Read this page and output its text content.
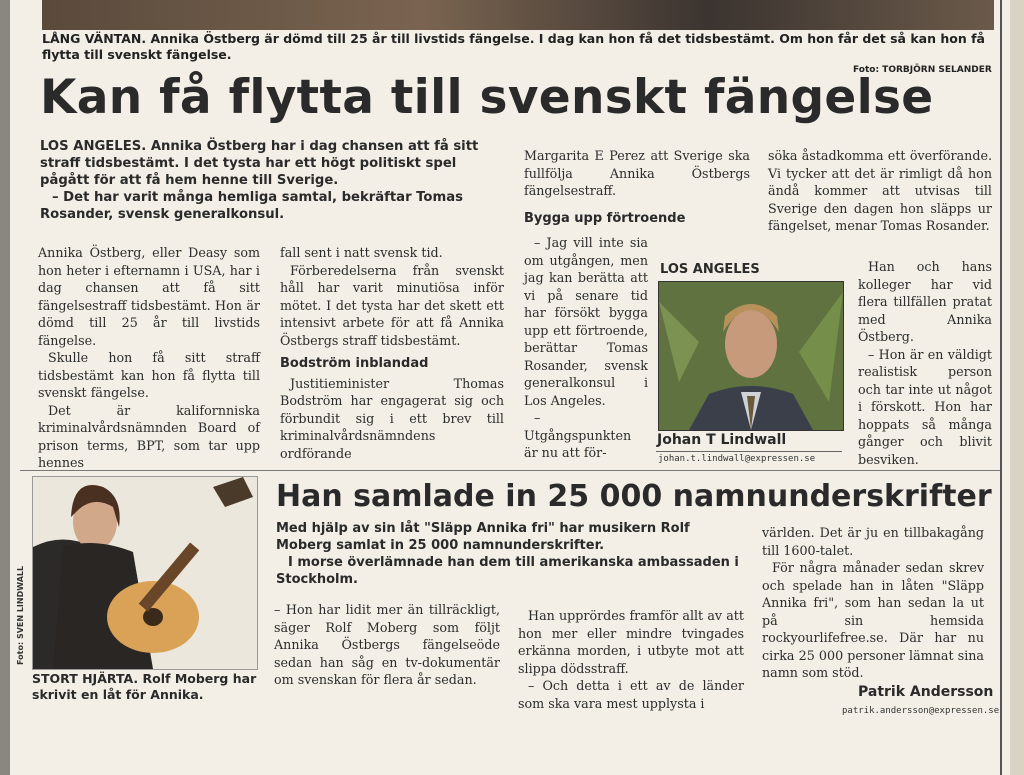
LÅNG VÄNTAN. Annika Östberg är dömd till 25 år till livstids fängelse. I dag kan hon få det tidsbestämt. Om hon får det så kan hon få flytta till svenskt fängelse.
Foto: TORBJÖRN SELANDER
Kan få flytta till svenskt fängelse
LOS ANGELES. Annika Östberg har i dag chansen att få sitt straff tidsbestämt. I det tysta har ett högt politiskt spel pågått för att få hem henne till Sverige.
– Det har varit många hemliga samtal, bekräftar Tomas Rosander, svensk generalkonsul.

Annika Östberg, eller Deasy som hon heter i efternamn i USA, har i dag chansen att få sitt fängelsestraff tidsbestämt. Hon är dömd till 25 år till livstids fängelse.

Skulle hon få sitt straff tidsbestämt kan hon få flytta till svenskt fängelse.

Det är kalifornniska kriminalvårdsnämnden Board of prison terms, BPT, som tar upp hennes

fall sent i natt svensk tid.

Förberedelserna från svenskt håll har varit minutiösa inför mötet. I det tysta har det skett ett intensivt arbete för att få Annika Östbergs straff tidsbestämt.

Bodström inblandad

Justitieminister Thomas Bodström har engagerat sig och förbundit sig i ett brev till kriminalvårdsnämndens ordförande

Margarita E Perez att Sverige ska fullfölja Annika Östbergs fängelsestraff.

Bygga upp förtroende

– Jag vill inte sia om utgången, men jag kan berätta att vi på senare tid har försökt bygga upp ett förtroende, berättar Tomas Rosander, svensk generalkonsul i Los Angeles.

– Utgångspunkten är nu att för-

söka åstadkomma ett överförande. Vi tycker att det är rimligt då hon ändå kommer att utvisas till Sverige den dagen hon släpps ur fängelset, menar Tomas Rosander.

Han och hans kolleger har vid flera tillfällen pratat med Annika Östberg.

– Hon är en väldigt realistisk person och tar inte ut något i förskott. Hon har hoppats så många gånger och blivit besviken.

LOS ANGELES
Johan T Lindwall
johan.t.lindwall@expressen.se
Foto: SVEN LINDWALL
STORT HJÄRTA. Rolf Moberg har skrivit en låt för Annika.
Han samlade in 25 000 namnunderskrifter
Med hjälp av sin låt "Släpp Annika fri" har musikern Rolf Moberg samlat in 25 000 namnunderskrifter.
I morse överlämnade han dem till amerikanska ambassaden i Stockholm.

– Hon har lidit mer än tillräckligt, säger Rolf Moberg som följt Annika Östbergs fängelseöde sedan han såg en tv-dokumentär om svenskan för flera år sedan.

Han upprördes framför allt av att hon mer eller mindre tvingades erkänna morden, i utbyte mot att slippa dödsstraff.

– Och detta i ett av de länder som ska vara mest upplysta i

världen. Det är ju en tillbakagång till 1600-talet.

För några månader sedan skrev och spelade han in låten "Släpp Annika fri", som han sedan la ut på sin hemsida rockyourlifefree.se. Där har nu cirka 25 000 personer lämnat sina namn som stöd.

Patrik Andersson
patrik.andersson@expressen.se
